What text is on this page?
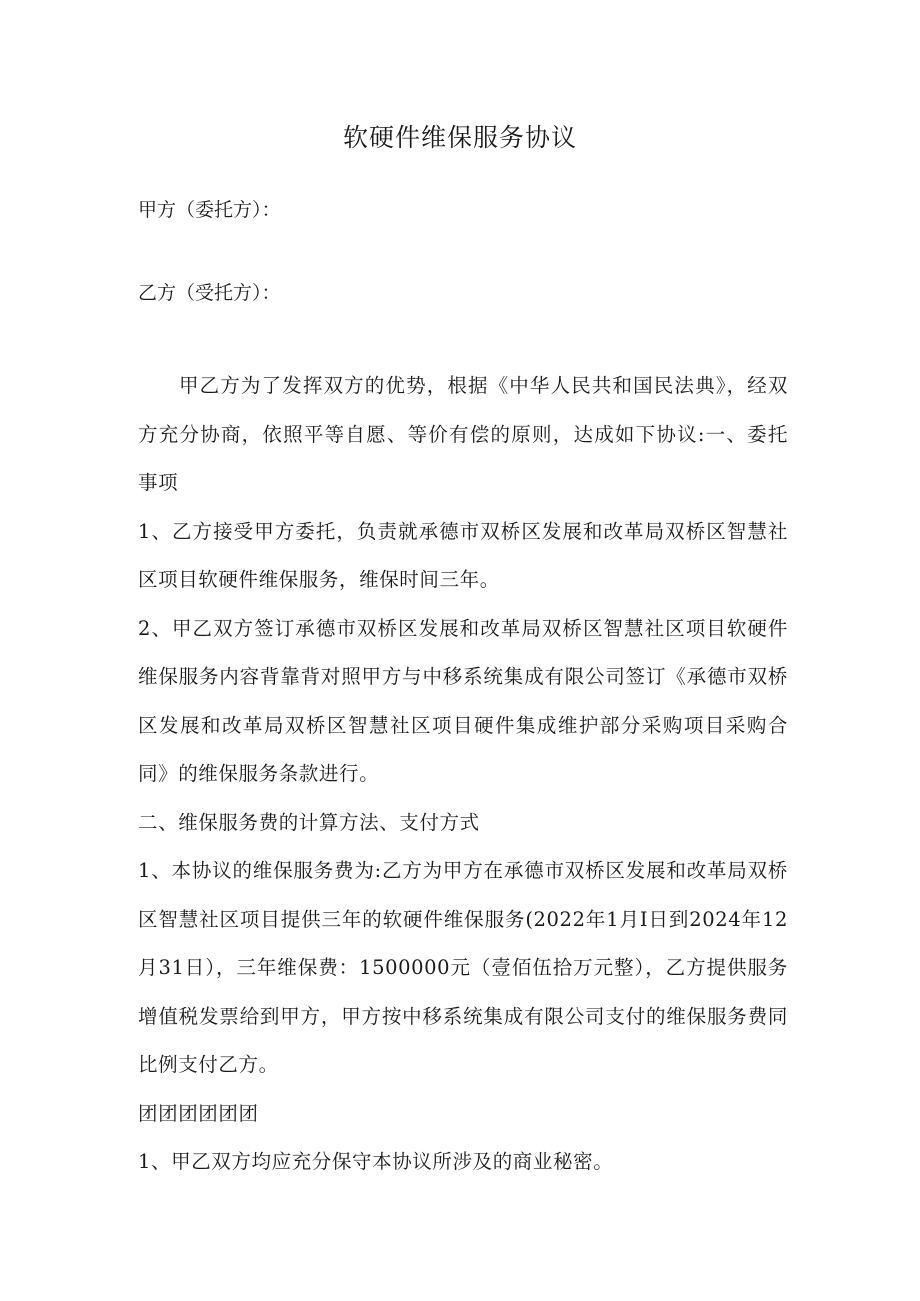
软硬件维保服务协议
甲方（委托方）：
乙方（受托方）：

甲乙方为了发挥双方的优势，根据《中华人民共和国民法典》，经双方充分协商，依照平等自愿、等价有偿的原则，达成如下协议:一、委托事项

1、乙方接受甲方委托，负责就承德市双桥区发展和改革局双桥区智慧社区项目软硬件维保服务，维保时间三年。

2、甲乙双方签订承德市双桥区发展和改革局双桥区智慧社区项目软硬件维保服务内容背靠背对照甲方与中移系统集成有限公司签订《承德市双桥区发展和改革局双桥区智慧社区项目硬件集成维护部分采购项目采购合同》的维保服务条款进行。

二、维保服务费的计算方法、支付方式

1、本协议的维保服务费为:乙方为甲方在承德市双桥区发展和改革局双桥区智慧社区项目提供三年的软硬件维保服务(2022年1月I日到2024年12月31日），三年维保费：1500000元（壹佰伍拾万元整），乙方提供服务增值税发票给到甲方，甲方按中移系统集成有限公司支付的维保服务费同比例支付乙方。

团团团团团团

1、甲乙双方均应充分保守本协议所涉及的商业秘密。
